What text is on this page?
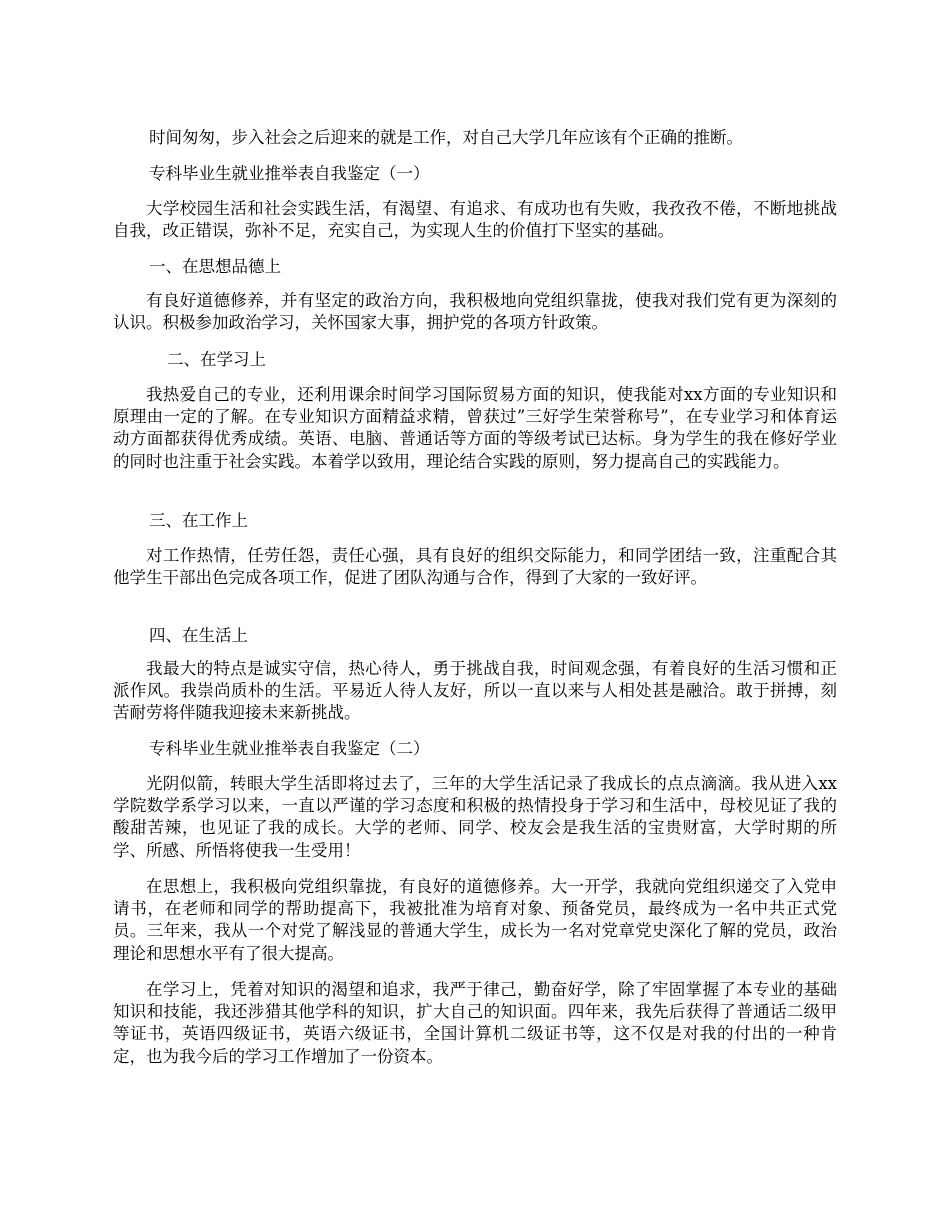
时间匆匆，步入社会之后迎来的就是工作，对自己大学几年应该有个正确的推断。

专科毕业生就业推举表自我鉴定（一）

大学校园生活和社会实践生活，有渴望、有追求、有成功也有失败，我孜孜不倦，不断地挑战自我，改正错误，弥补不足，充实自己，为实现人生的价值打下坚实的基础。

一、在思想品德上

有良好道德修养，并有坚定的政治方向，我积极地向党组织靠拢，使我对我们党有更为深刻的认识。积极参加政治学习，关怀国家大事，拥护党的各项方针政策。

二、在学习上

我热爱自己的专业，还利用课余时间学习国际贸易方面的知识，使我能对xx方面的专业知识和原理由一定的了解。在专业知识方面精益求精，曾获过”三好学生荣誉称号”，在专业学习和体育运动方面都获得优秀成绩。英语、电脑、普通话等方面的等级考试已达标。身为学生的我在修好学业的同时也注重于社会实践。本着学以致用，理论结合实践的原则，努力提高自己的实践能力。

三、在工作上

对工作热情，任劳任怨，责任心强，具有良好的组织交际能力，和同学团结一致，注重配合其他学生干部出色完成各项工作，促进了团队沟通与合作，得到了大家的一致好评。

四、在生活上

我最大的特点是诚实守信，热心待人，勇于挑战自我，时间观念强，有着良好的生活习惯和正派作风。我崇尚质朴的生活。平易近人待人友好，所以一直以来与人相处甚是融洽。敢于拼搏，刻苦耐劳将伴随我迎接未来新挑战。

专科毕业生就业推举表自我鉴定（二）

光阴似箭，转眼大学生活即将过去了，三年的大学生活记录了我成长的点点滴滴。我从进入xx学院数学系学习以来，一直以严谨的学习态度和积极的热情投身于学习和生活中，母校见证了我的酸甜苦辣，也见证了我的成长。大学的老师、同学、校友会是我生活的宝贵财富，大学时期的所学、所感、所悟将使我一生受用！

在思想上，我积极向党组织靠拢，有良好的道德修养。大一开学，我就向党组织递交了入党申请书，在老师和同学的帮助提高下，我被批准为培育对象、预备党员，最终成为一名中共正式党员。三年来，我从一个对党了解浅显的普通大学生，成长为一名对党章党史深化了解的党员，政治理论和思想水平有了很大提高。

在学习上，凭着对知识的渴望和追求，我严于律己，勤奋好学，除了牢固掌握了本专业的基础知识和技能，我还涉猎其他学科的知识，扩大自己的知识面。四年来，我先后获得了普通话二级甲等证书，英语四级证书，英语六级证书，全国计算机二级证书等，这不仅是对我的付出的一种肯定，也为我今后的学习工作增加了一份资本。
